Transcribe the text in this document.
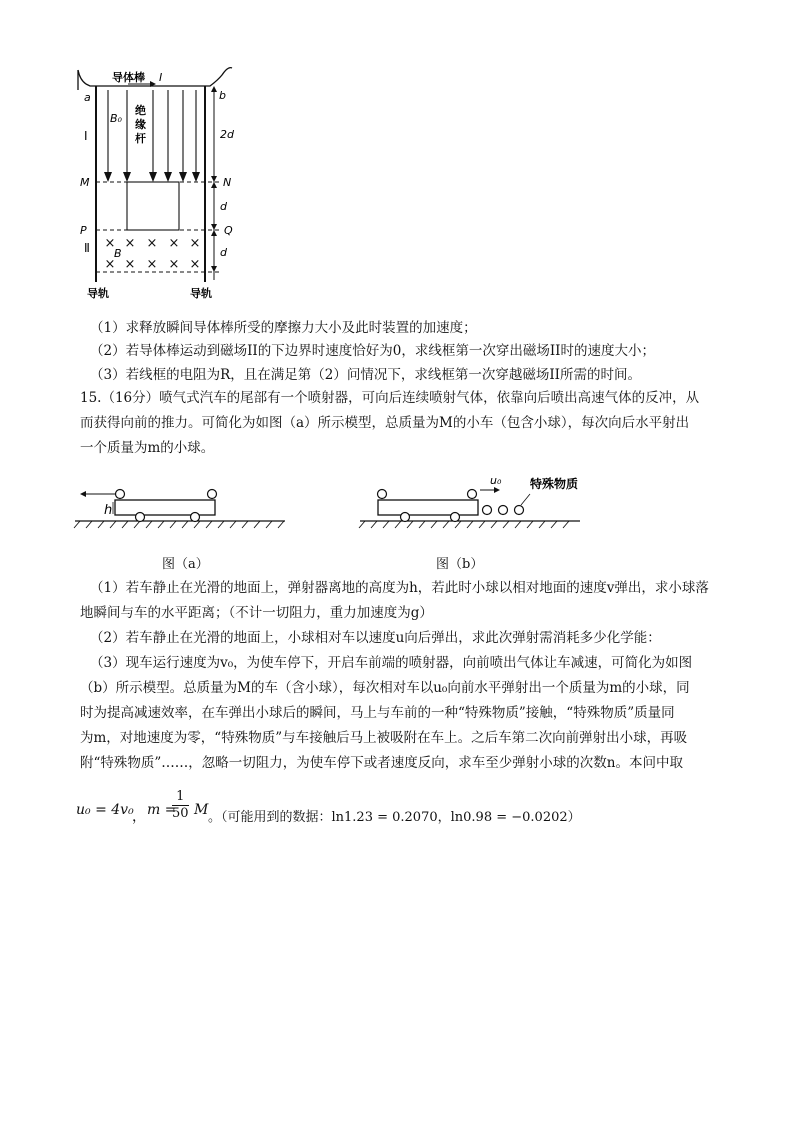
× × × × ×
× × × × ×
导体棒 I
a	b
Ⅰ
B₀
绝
缘
杆	2d
M	N
d
P	Q
Ⅱ B	d
导轨	导轨
（1）求释放瞬间导体棒所受的摩擦力大小及此时装置的加速度；
（2）若导体棒运动到磁场II的下边界时速度恰好为0，求线框第一次穿出磁场II时的速度大小；
（3）若线框的电阻为R，且在满足第（2）问情况下，求线框第一次穿越磁场II所需的时间。
15.（16分）喷气式汽车的尾部有一个喷射器，可向后连续喷射气体，依靠向后喷出高速气体的反冲，从
而获得向前的推力。可简化为如图（a）所示模型，总质量为M的小车（包含小球），每次向后水平射出
一个质量为m的小球。
h
u₀ 特殊物质
图（a）	图（b）
（1）若车静止在光滑的地面上，弹射器离地的高度为h，若此时小球以相对地面的速度v弹出，求小球落
地瞬间与车的水平距离；（不计一切阻力，重力加速度为g）
（2）若车静止在光滑的地面上，小球相对车以速度u向后弹出，求此次弹射需消耗多少化学能：
（3）现车运行速度为v₀，为使车停下，开启车前端的喷射器，向前喷出气体让车减速，可简化为如图
（b）所示模型。总质量为M的车（含小球），每次相对车以u₀向前水平弹射出一个质量为m的小球，同
时为提高减速效率，在车弹出小球后的瞬间，马上与车前的一种“特殊物质”接触，“特殊物质”质量同
为m，对地速度为零，“特殊物质”与车接触后马上被吸附在车上。之后车第二次向前弹射出小球，再吸
附“特殊物质”……，忽略一切阻力，为使车停下或者速度反向，求车至少弹射小球的次数n。本问中取
u₀ = 4v₀
， m =
$\frac{1}{50}$ M 。（可能用到的数据：ln1.23 = 0.2070，ln0.98 = −0.0202）
